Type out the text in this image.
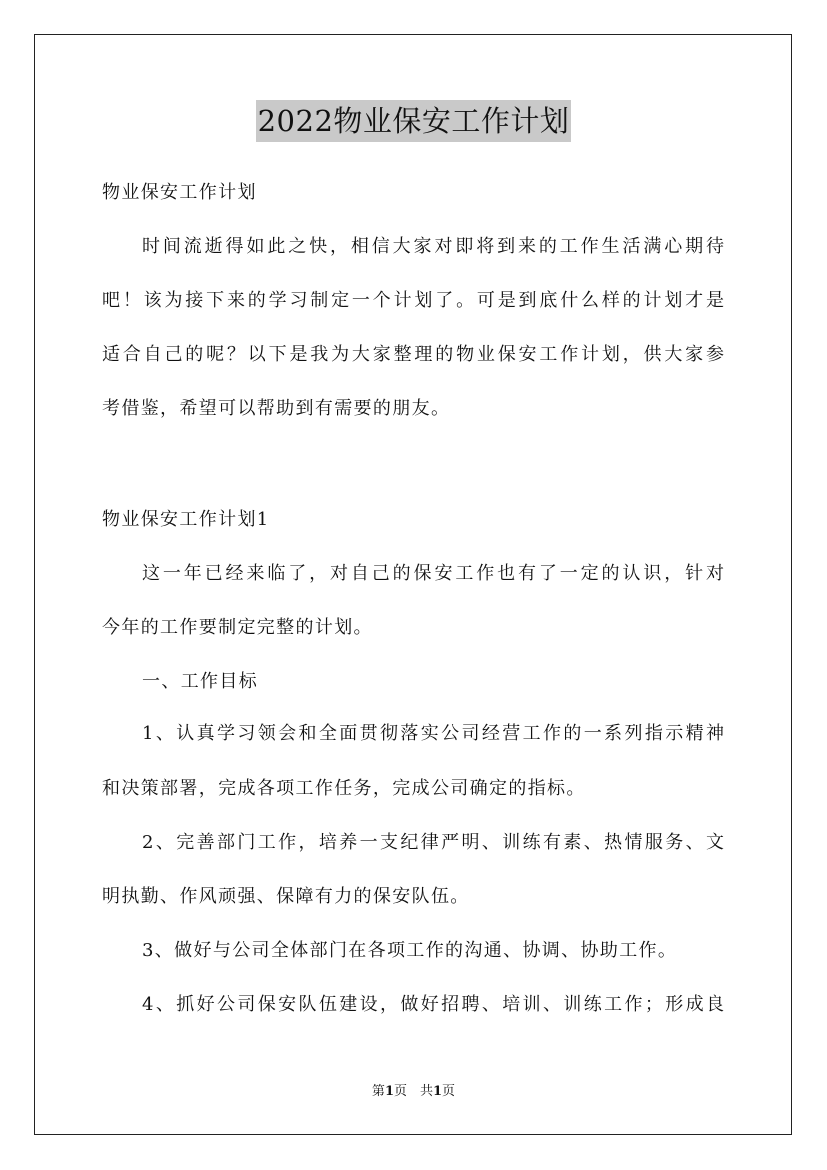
2022物业保安工作计划
物业保安工作计划
时间流逝得如此之快，相信大家对即将到来的工作生活满心期待
吧！该为接下来的学习制定一个计划了。可是到底什么样的计划才是
适合自己的呢？以下是我为大家整理的物业保安工作计划，供大家参
考借鉴，希望可以帮助到有需要的朋友。
物业保安工作计划1
这一年已经来临了，对自己的保安工作也有了一定的认识，针对
今年的工作要制定完整的计划。
一、工作目标
1、认真学习领会和全面贯彻落实公司经营工作的一系列指示精神
和决策部署，完成各项工作任务，完成公司确定的指标。
2、完善部门工作，培养一支纪律严明、训练有素、热情服务、文
明执勤、作风顽强、保障有力的保安队伍。
3、做好与公司全体部门在各项工作的沟通、协调、协助工作。
4、抓好公司保安队伍建设，做好招聘、培训、训练工作；形成良
第1页　共1页
